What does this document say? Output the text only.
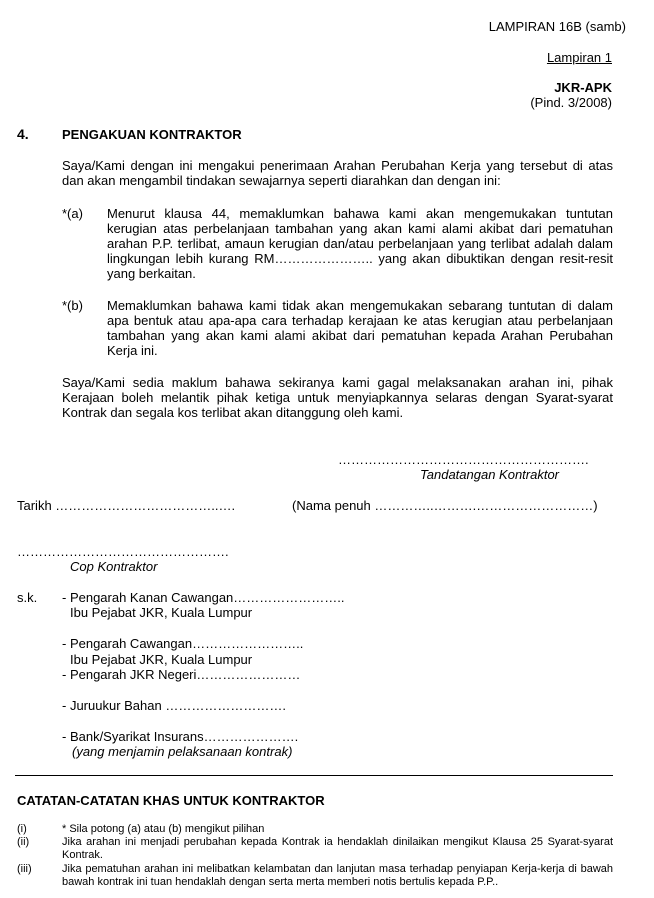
LAMPIRAN 16B (samb)
Lampiran 1
JKR-APK
(Pind. 3/2008)
4.	PENGAKUAN KONTRAKTOR
Saya/Kami dengan ini mengakui penerimaan Arahan Perubahan Kerja yang tersebut di atas dan akan mengambil tindakan sewajarnya seperti diarahkan dan dengan ini:
*(a) Menurut klausa 44, memaklumkan bahawa kami akan mengemukakan tuntutan kerugian atas perbelanjaan tambahan yang akan kami alami akibat dari pematuhan arahan P.P. terlibat, amaun kerugian dan/atau perbelanjaan yang terlibat adalah dalam lingkungan lebih kurang RM………………….. yang akan dibuktikan dengan resit-resit yang berkaitan.
*(b) Memaklumkan bahawa kami tidak akan mengemukakan sebarang tuntutan di dalam apa bentuk atau apa-apa cara terhadap kerajaan ke atas kerugian atau perbelanjaan tambahan yang akan kami alami akibat dari pematuhan kepada Arahan Perubahan Kerja ini.
Saya/Kami sedia maklum bahawa sekiranya kami gagal melaksanakan arahan ini, pihak Kerajaan boleh melantik pihak ketiga untuk menyiapkannya selaras dengan Syarat-syarat Kontrak dan segala kos terlibat akan ditanggung oleh kami.
………………………………………………….
Tandatangan Kontraktor
Tarikh ………………………………..….	(Nama penuh …………..……….………………………)
………………………………………….
Cop Kontraktor
s.k. - Pengarah Kanan Cawangan……………………..
Ibu Pejabat JKR, Kuala Lumpur
- Pengarah Cawangan……………………..
Ibu Pejabat JKR, Kuala Lumpur
- Pengarah JKR Negeri……………………
- Juruukur Bahan ……………………….
- Bank/Syarikat Insurans………………….
(yang menjamin pelaksanaan kontrak)
CATATAN-CATATAN KHAS UNTUK KONTRAKTOR
(i)	* Sila potong (a) atau (b) mengikut pilihan
(ii)	Jika arahan ini menjadi perubahan kepada Kontrak ia hendaklah dinilaikan mengikut Klausa 25 Syarat-syarat Kontrak.
(iii)	Jika pematuhan arahan ini melibatkan kelambatan dan lanjutan masa terhadap penyiapan Kerja-kerja di bawah bawah kontrak ini tuan hendaklah dengan serta merta memberi notis bertulis kepada P.P..
